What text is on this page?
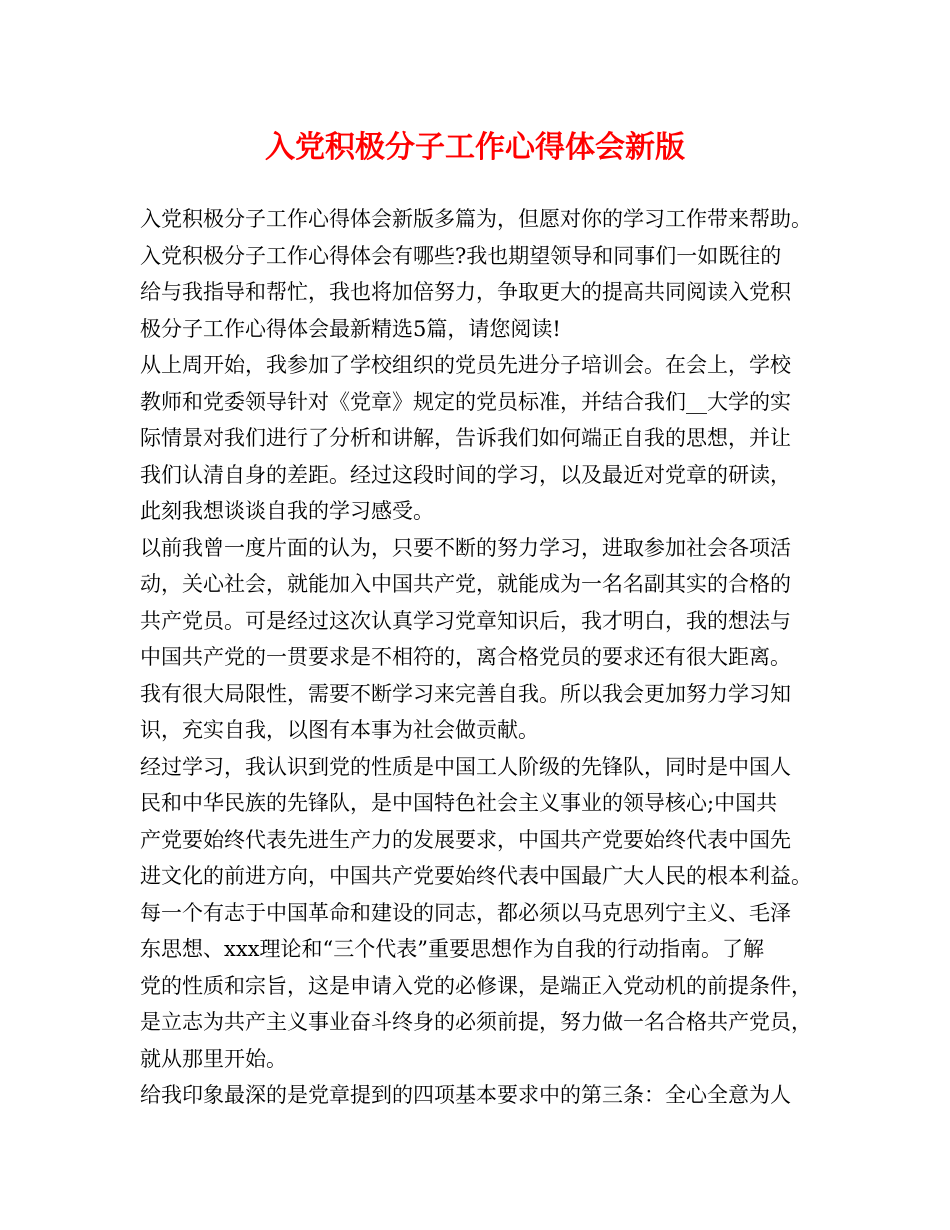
入党积极分子工作心得体会新版
入党积极分子工作心得体会新版多篇为，但愿对你的学习工作带来帮助。
入党积极分子工作心得体会有哪些?我也期望领导和同事们一如既往的
给与我指导和帮忙，我也将加倍努力，争取更大的提高共同阅读入党积
极分子工作心得体会最新精选5篇，请您阅读!
从上周开始，我参加了学校组织的党员先进分子培训会。在会上，学校
教师和党委领导针对《党章》规定的党员标准，并结合我们__大学的实
际情景对我们进行了分析和讲解，告诉我们如何端正自我的思想，并让
我们认清自身的差距。经过这段时间的学习，以及最近对党章的研读，
此刻我想谈谈自我的学习感受。
以前我曾一度片面的认为，只要不断的努力学习，进取参加社会各项活
动，关心社会，就能加入中国共产党，就能成为一名名副其实的合格的
共产党员。可是经过这次认真学习党章知识后，我才明白，我的想法与
中国共产党的一贯要求是不相符的，离合格党员的要求还有很大距离。
我有很大局限性，需要不断学习来完善自我。所以我会更加努力学习知
识，充实自我，以图有本事为社会做贡献。
经过学习，我认识到党的性质是中国工人阶级的先锋队，同时是中国人
民和中华民族的先锋队，是中国特色社会主义事业的领导核心;中国共
产党要始终代表先进生产力的发展要求，中国共产党要始终代表中国先
进文化的前进方向，中国共产党要始终代表中国最广大人民的根本利益。
每一个有志于中国革命和建设的同志，都必须以马克思列宁主义、毛泽
东思想、xxx理论和“三个代表”重要思想作为自我的行动指南。了解
党的性质和宗旨，这是申请入党的必修课，是端正入党动机的前提条件，
是立志为共产主义事业奋斗终身的必须前提，努力做一名合格共产党员，
就从那里开始。
给我印象最深的是党章提到的四项基本要求中的第三条：全心全意为人
